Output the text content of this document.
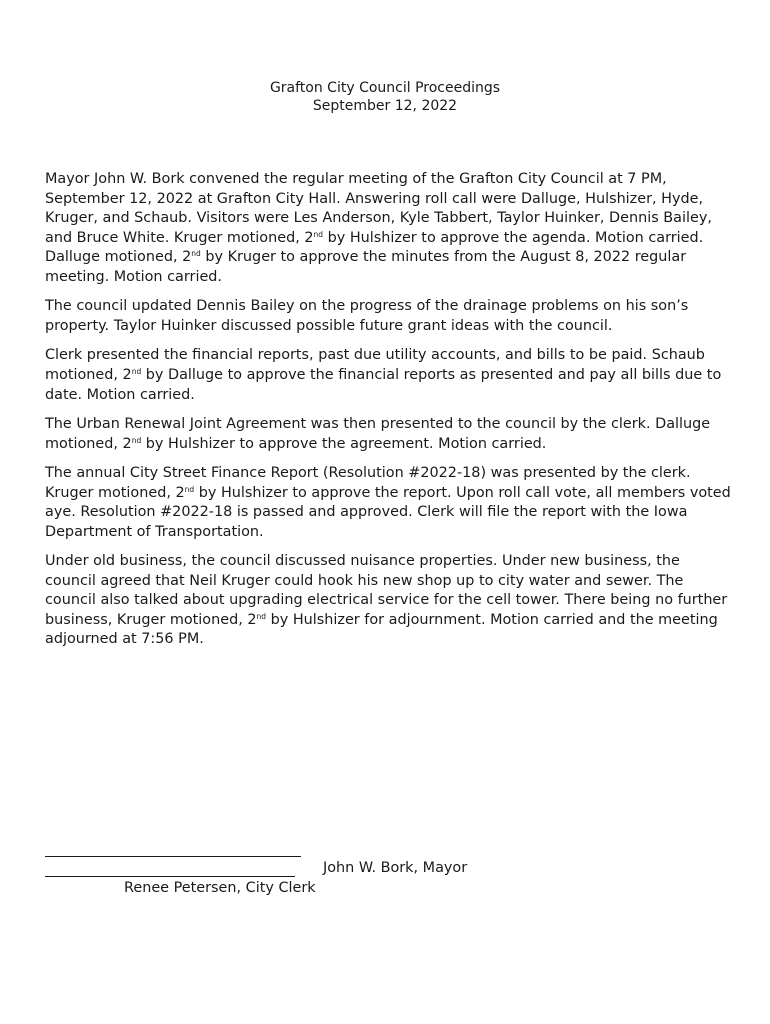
Grafton City Council Proceedings
September 12, 2022

Mayor John W. Bork convened the regular meeting of the Grafton City Council at 7 PM, September 12, 2022 at Grafton City Hall. Answering roll call were Dalluge, Hulshizer, Hyde, Kruger, and Schaub. Visitors were Les Anderson, Kyle Tabbert, Taylor Huinker, Dennis Bailey, and Bruce White. Kruger motioned, 2nd by Hulshizer to approve the agenda. Motion carried. Dalluge motioned, 2nd by Kruger to approve the minutes from the August 8, 2022 regular meeting. Motion carried.

The council updated Dennis Bailey on the progress of the drainage problems on his son’s property. Taylor Huinker discussed possible future grant ideas with the council.

Clerk presented the financial reports, past due utility accounts, and bills to be paid. Schaub motioned, 2nd by Dalluge to approve the financial reports as presented and pay all bills due to date. Motion carried.

The Urban Renewal Joint Agreement was then presented to the council by the clerk. Dalluge motioned, 2nd by Hulshizer to approve the agreement. Motion carried.

The annual City Street Finance Report (Resolution #2022-18) was presented by the clerk. Kruger motioned, 2nd by Hulshizer to approve the report. Upon roll call vote, all members voted aye. Resolution #2022-18 is passed and approved. Clerk will file the report with the Iowa Department of Transportation.

Under old business, the council discussed nuisance properties. Under new business, the council agreed that Neil Kruger could hook his new shop up to city water and sewer. The council also talked about upgrading electrical service for the cell tower. There being no further business, Kruger motioned, 2nd by Hulshizer for adjournment. Motion carried and the meeting adjourned at 7:56 PM.

John W. Bork, Mayor
Renee Petersen, City Clerk
